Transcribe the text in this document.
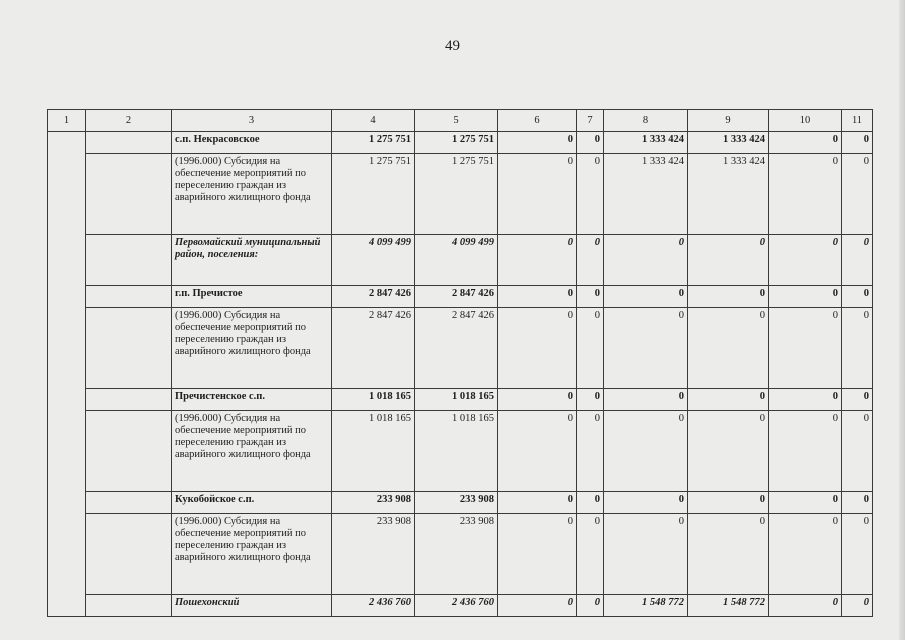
49
1	2	3	4	5	6	7	8	9	10	11
		с.п. Некрасовское	1 275 751	1 275 751	0	0	1 333 424	1 333 424	0	0
		(1996.000) Субсидия на обеспечение мероприятий по переселению граждан из аварийного жилищного фонда	1 275 751	1 275 751	0	0	1 333 424	1 333 424	0	0
		Первомайский муниципальный район, поселения:	4 099 499	4 099 499	0	0	0	0	0	0
		г.п. Пречистое	2 847 426	2 847 426	0	0	0	0	0	0
		(1996.000) Субсидия на обеспечение мероприятий по переселению граждан из аварийного жилищного фонда	2 847 426	2 847 426	0	0	0	0	0	0
		Пречистенское с.п.	1 018 165	1 018 165	0	0	0	0	0	0
		(1996.000) Субсидия на обеспечение мероприятий по переселению граждан из аварийного жилищного фонда	1 018 165	1 018 165	0	0	0	0	0	0
		Кукобойское с.п.	233 908	233 908	0	0	0	0	0	0
		(1996.000) Субсидия на обеспечение мероприятий по переселению граждан из аварийного жилищного фонда	233 908	233 908	0	0	0	0	0	0
		Пошехонский	2 436 760	2 436 760	0	0	1 548 772	1 548 772	0	0
